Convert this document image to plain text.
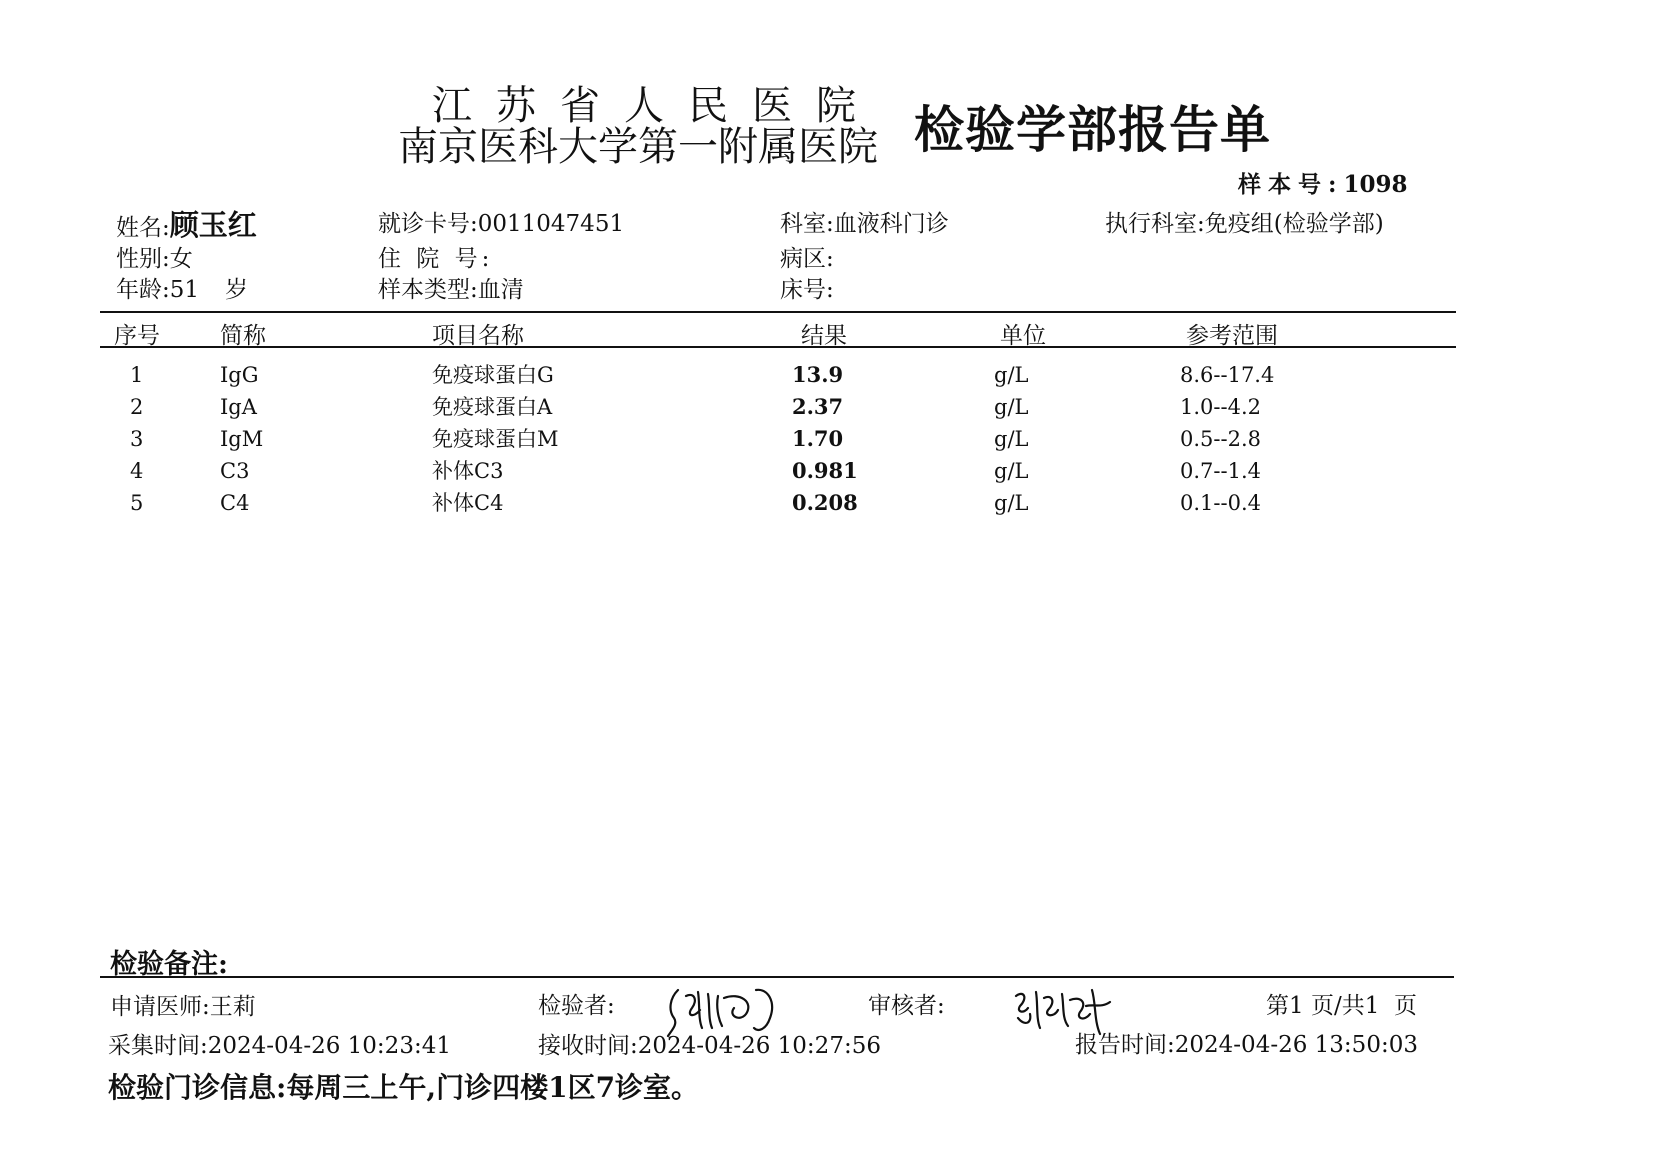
江苏省人民医院
南京医科大学第一附属医院 检验学部报告单
样本号:1098
姓名:顾玉红	就诊卡号:0011047451	科室:血液科门诊	执行科室:免疫组(检验学部)
性别:女	住 院 号:	病区:
年龄:51 岁	样本类型:血清	床号:
序号	简称	项目名称	结果	单位	参考范围
1	IgG	免疫球蛋白G	13.9	g/L	8.6--17.4
2	IgA	免疫球蛋白A	2.37	g/L	1.0--4.2
3	IgM	免疫球蛋白M	1.70	g/L	0.5--2.8
4	C3	补体C3	0.981	g/L	0.7--1.4
5	C4	补体C4	0.208	g/L	0.1--0.4
检验备注:
申请医师:王莉	检验者:	审核者:	第1 页/共1  页
采集时间:2024-04-26 10:23:41	接收时间:2024-04-26 10:27:56	报告时间:2024-04-26 13:50:03
检验门诊信息:每周三上午,门诊四楼1区7诊室。
